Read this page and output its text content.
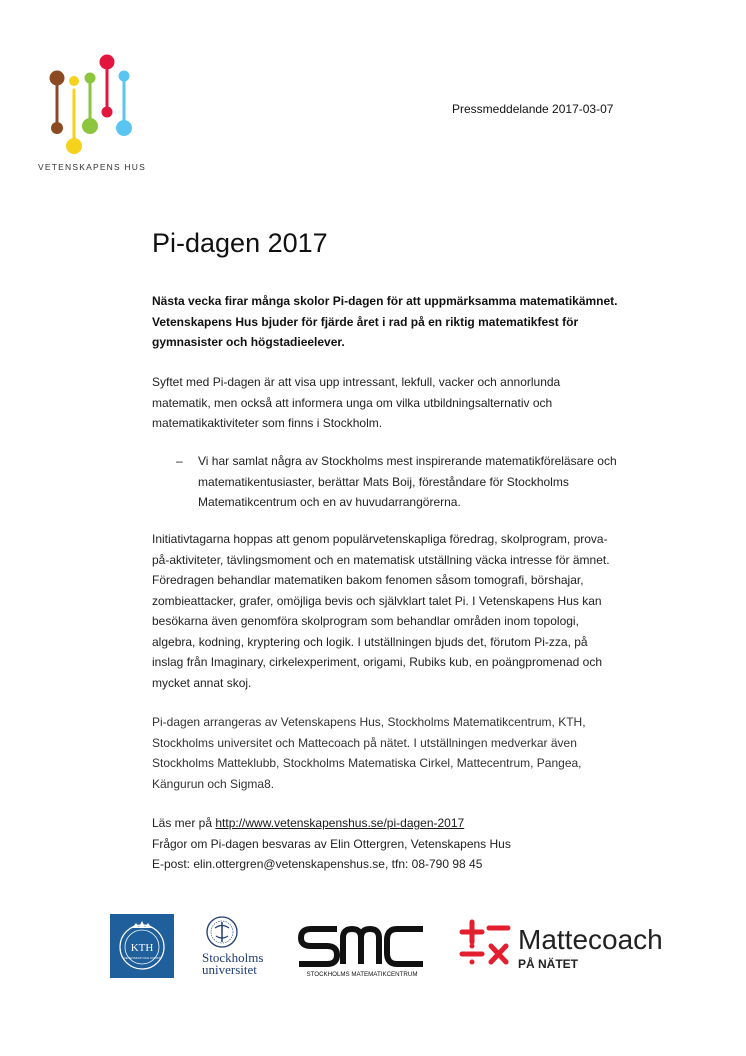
VETENSKAPENS HUS
Pressmeddelande 2017-03-07
Pi-dagen 2017
Nästa vecka firar många skolor Pi-dagen för att uppmärksamma matematikämnet.
Vetenskapens Hus bjuder för fjärde året i rad på en riktig matematikfest för
gymnasister och högstadieelever.
Syftet med Pi-dagen är att visa upp intressant, lekfull, vacker och annorlunda
matematik, men också att informera unga om vilka utbildningsalternativ och
matematikaktiviteter som finns i Stockholm.
– Vi har samlat några av Stockholms mest inspirerande matematikföreläsare och
matematikentusiaster, berättar Mats Boij, föreståndare för Stockholms
Matematikcentrum och en av huvudarrangörerna.
Initiativtagarna hoppas att genom populärvetenskapliga föredrag, skolprogram, prova-
på-aktiviteter, tävlingsmoment och en matematisk utställning väcka intresse för ämnet.
Föredragen behandlar matematiken bakom fenomen såsom tomografi, börshajar,
zombieattacker, grafer, omöjliga bevis och självklart talet Pi. I Vetenskapens Hus kan
besökarna även genomföra skolprogram som behandlar områden inom topologi,
algebra, kodning, kryptering och logik. I utställningen bjuds det, förutom Pi-zza, på
inslag från Imaginary, cirkelexperiment, origami, Rubiks kub, en poängpromenad och
mycket annat skoj.
Pi-dagen arrangeras av Vetenskapens Hus, Stockholms Matematikcentrum, KTH,
Stockholms universitet och Mattecoach på nätet. I utställningen medverkar även
Stockholms Matteklubb, Stockholms Matematiska Cirkel, Mattecentrum, Pangea,
Kängurun och Sigma8.
Läs mer på http://www.vetenskapenshus.se/pi-dagen-2017
Frågor om Pi-dagen besvaras av Elin Ottergren, Vetenskapens Hus
E-post: elin.ottergren@vetenskapenshus.se, tfn: 08-790 98 45
KTH
VETENSKAP OCH KONST	Stockholms
universitet	STOCKHOLMS MATEMATIKCENTRUM
Mattecoach
PÅ NÄTET
